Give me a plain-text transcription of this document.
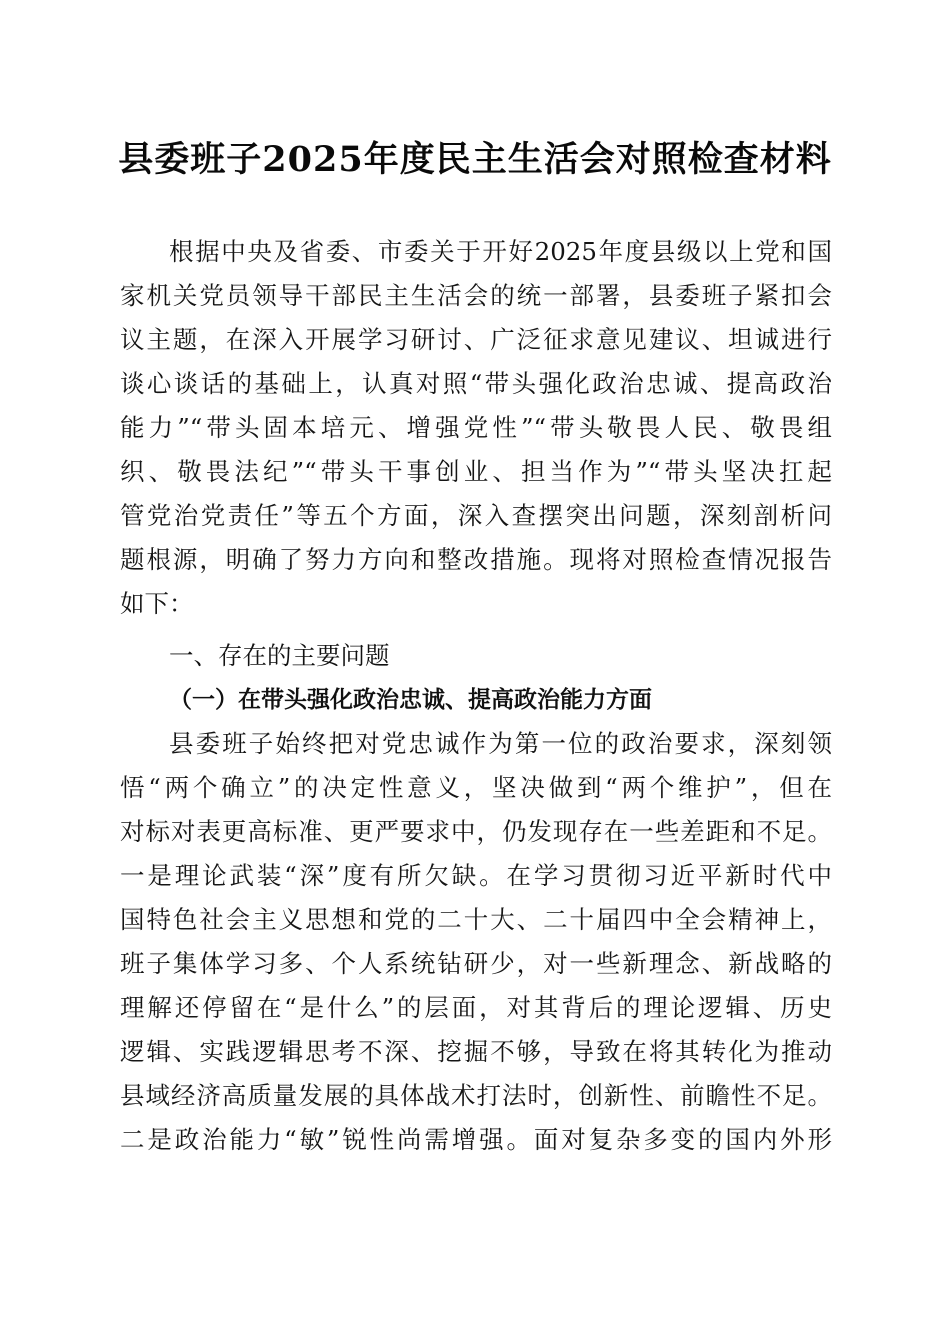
县委班子2025年度民主生活会对照检查材料
根据中央及省委、市委关于开好2025年度县级以上党和国
家机关党员领导干部民主生活会的统一部署，县委班子紧扣会
议主题，在深入开展学习研讨、广泛征求意见建议、坦诚进行
谈心谈话的基础上，认真对照“带头强化政治忠诚、提高政治
能力”“带头固本培元、增强党性”“带头敬畏人民、敬畏组
织、敬畏法纪”“带头干事创业、担当作为”“带头坚决扛起
管党治党责任”等五个方面，深入查摆突出问题，深刻剖析问
题根源，明确了努力方向和整改措施。现将对照检查情况报告
如下：
一、存在的主要问题
（一）在带头强化政治忠诚、提高政治能力方面
县委班子始终把对党忠诚作为第一位的政治要求，深刻领
悟“两个确立”的决定性意义，坚决做到“两个维护”，但在
对标对表更高标准、更严要求中，仍发现存在一些差距和不足。
一是理论武装“深”度有所欠缺。在学习贯彻习近平新时代中
国特色社会主义思想和党的二十大、二十届四中全会精神上，
班子集体学习多、个人系统钻研少，对一些新理念、新战略的
理解还停留在“是什么”的层面，对其背后的理论逻辑、历史
逻辑、实践逻辑思考不深、挖掘不够，导致在将其转化为推动
县域经济高质量发展的具体战术打法时，创新性、前瞻性不足。
二是政治能力“敏”锐性尚需增强。面对复杂多变的国内外形
